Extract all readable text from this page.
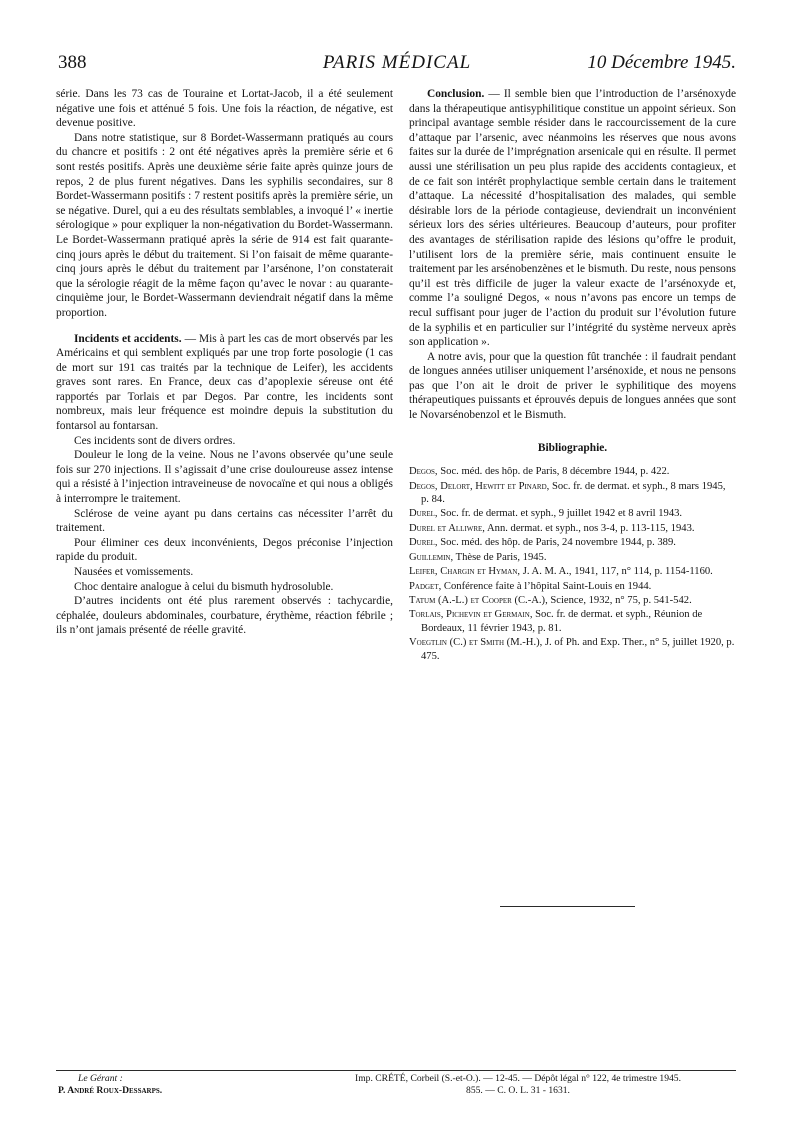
388	PARIS MÉDICAL	10 Décembre 1945.

série. Dans les 73 cas de Touraine et Lortat-Jacob, il a été seulement négative une fois et atténué 5 fois. Une fois la réaction, de négative, est devenue positive.

Dans notre statistique, sur 8 Bordet-Wassermann pratiqués au cours du chancre et positifs : 2 ont été négatives après la première série et 6 sont restés positifs. Après une deuxième série faite après quinze jours de repos, 2 de plus furent négatives. Dans les syphilis secondaires, sur 8 Bordet-Wassermann positifs : 7 restent positifs après la première série, un se négative. Durel, qui a eu des résultats semblables, a invoqué l’ « inertie sérologique » pour expliquer la non-négativation du Bordet-Wassermann. Le Bordet-Wassermann pratiqué après la série de 914 est fait quarante-cinq jours après le début du traitement. Si l’on faisait de même quarante-cinq jours après le début du traitement par l’arsénone, l’on constaterait que la sérologie réagit de la même façon qu’avec le novar : au quarante-cinquième jour, le Bordet-Wassermann deviendrait négatif dans la même proportion.

Incidents et accidents. — Mis à part les cas de mort observés par les Américains et qui semblent expliqués par une trop forte posologie (1 cas de mort sur 191 cas traités par la technique de Leifer), les accidents graves sont rares. En France, deux cas d’apoplexie séreuse ont été rapportés par Torlais et par Degos. Par contre, les incidents sont nombreux, mais leur fréquence est moindre depuis la substitution du fontarsol au fontarsan.

Ces incidents sont de divers ordres.

Douleur le long de la veine. Nous ne l’avons observée qu’une seule fois sur 270 injections. Il s’agissait d’une crise douloureuse assez intense qui a résisté à l’injection intraveineuse de novocaïne et qui nous a obligés à interrompre le traitement.

Sclérose de veine ayant pu dans certains cas nécessiter l’arrêt du traitement.

Pour éliminer ces deux inconvénients, Degos préconise l’injection rapide du produit.

Nausées et vomissements.

Choc dentaire analogue à celui du bismuth hydrosoluble.

D’autres incidents ont été plus rarement observés : tachycardie, céphalée, douleurs abdominales, courbature, érythème, réaction fébrile ; ils n’ont jamais présenté de réelle gravité.

Conclusion. — Il semble bien que l’introduction de l’arsénoxyde dans la thérapeutique antisyphilitique constitue un appoint sérieux. Son principal avantage semble résider dans le raccourcissement de la cure d’attaque par l’arsenic, avec néanmoins les réserves que nous avons faites sur la durée de l’imprégnation arsenicale qui en résulte. Il permet aussi une stérilisation un peu plus rapide des accidents contagieux, et de ce fait son intérêt prophylactique semble certain dans le traitement d’attaque. La nécessité d’hospitalisation des malades, qui semble désirable lors de la période contagieuse, deviendrait un inconvénient sérieux lors des séries ultérieures. Beaucoup d’auteurs, pour profiter des avantages de stérilisation rapide des lésions qu’offre le produit, l’utilisent lors de la première série, mais continuent ensuite le traitement par les arsénobenzènes et le bismuth. Du reste, nous pensons qu’il est très difficile de juger la valeur exacte de l’arsénoxyde et, comme l’a souligné Degos, « nous n’avons pas encore un temps de recul suffisant pour juger de l’action du produit sur l’évolution future de la syphilis et en particulier sur l’intégrité du système nerveux après son application ».

A notre avis, pour que la question fût tranchée : il faudrait pendant de longues années utiliser uniquement l’arsénoxide, et nous ne pensons pas que l’on ait le droit de priver le syphilitique des moyens thérapeutiques puissants et éprouvés depuis de longues années que sont le Novarsénobenzol et le Bismuth.

Bibliographie.

Degos, Soc. méd. des hôp. de Paris, 8 décembre 1944, p. 422.

Degos, Delort, Hewitt et Pinard, Soc. fr. de dermat. et syph., 8 mars 1945, p. 84.

Durel, Soc. fr. de dermat. et syph., 9 juillet 1942 et 8 avril 1943.

Durel et Alliwre, Ann. dermat. et syph., nos 3-4, p. 113-115, 1943.

Durel, Soc. méd. des hôp. de Paris, 24 novembre 1944, p. 389.

Guillemin, Thèse de Paris, 1945.

Leifer, Chargin et Hyman, J. A. M. A., 1941, 117, n° 114, p. 1154-1160.

Padget, Conférence faite à l’hôpital Saint-Louis en 1944.

Tatum (A.-L.) et Cooper (C.-A.), Science, 1932, n° 75, p. 541-542.

Torlais, Pichevin et Germain, Soc. fr. de dermat. et syph., Réunion de Bordeaux, 11 février 1943, p. 81.

Voegtlin (C.) et Smith (M.-H.), J. of Ph. and Exp. Ther., n° 5, juillet 1920, p. 475.

Le Gérant :
P. André Roux-Dessarps.
Imp. CRÉTÉ, Corbeil (S.-et-O.). — 12-45. — Dépôt légal n° 122, 4e trimestre 1945.
855. — C. O. L. 31 - 1631.
